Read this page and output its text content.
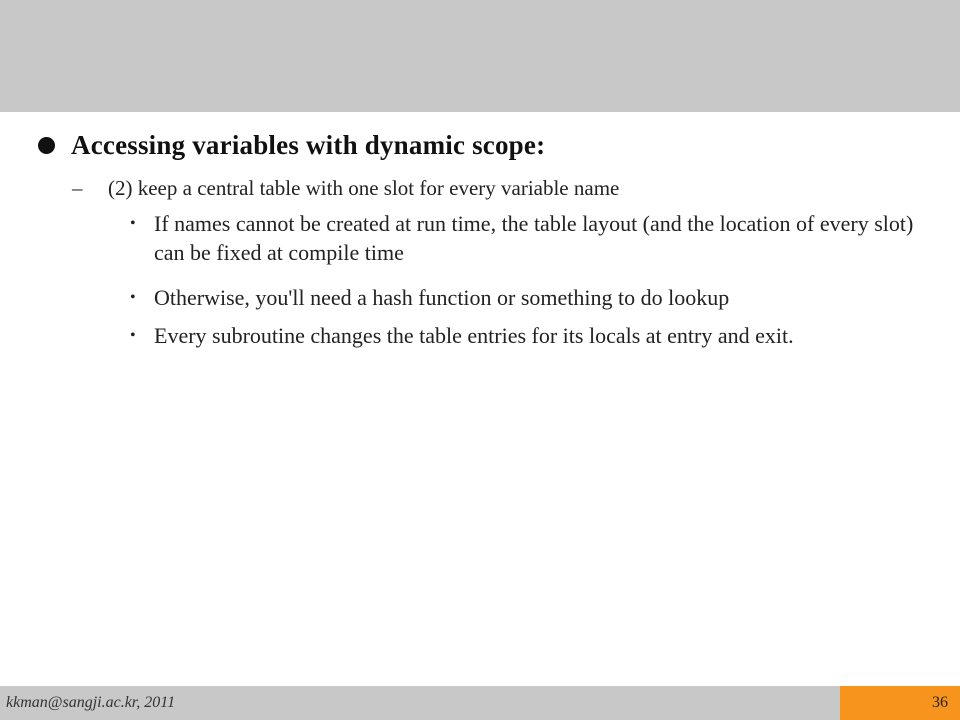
Accessing variables with dynamic scope:
–	(2) keep a central table with one slot for every variable name
• If names cannot be created at run time, the table layout (and the location of every slot) can be fixed at compile time
• Otherwise, you'll need a hash function or something to do lookup
• Every subroutine changes the table entries for its locals at entry and exit.
kkman@sangji.ac.kr, 2011	36
